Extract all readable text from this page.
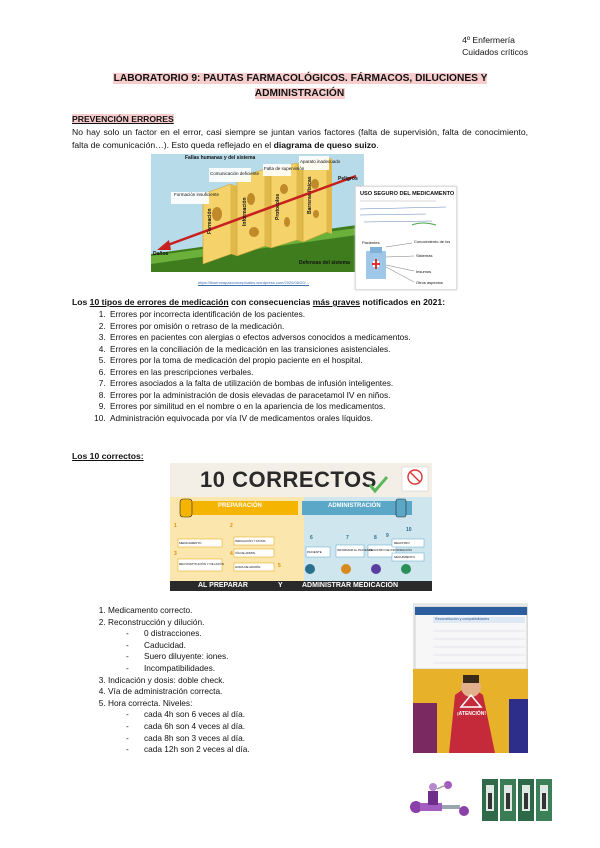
4º Enfermería
Cuidados críticos
LABORATORIO 9: PAUTAS FARMACOLÓGICOS. FÁRMACOS, DILUCIONES Y ADMINISTRACIÓN
PREVENCIÓN ERRORES
No hay solo un factor en el error, casi siempre se juntan varios factores (falta de supervisión, falta de conocimiento, falta de comunicación…). Esto queda reflejado en el diagrama de queso suizo.
Formación insuficiente
Fallas humanas y del sistema
Comunicación deficiente
Falta de supervisión
Aparato inadecuado
Peligros
Formación	Información	Protocolos	Barreras físicas
Daños
Defensas del sistema
USO SEGURO DEL MEDICAMENTO
Pacientes	Conocimiento de los
Sistemas
Insumos
Otros aspectos
https://ibsenmapasconceptuales.wordpress.com/2020/06/20/...
Los 10 tipos de errores de medicación con consecuencias más graves notificados en 2021:
1. Errores por incorrecta identificación de los pacientes.
2. Errores por omisión o retraso de la medicación.
3. Errores en pacientes con alergias o efectos adversos conocidos a medicamentos.
4. Errores en la conciliación de la medicación en las transiciones asistenciales.
5. Errores por la toma de medicación del propio paciente en el hospital.
6. Errores en las prescripciones verbales.
7. Errores asociados a la falta de utilización de bombas de infusión inteligentes.
8. Errores por la administración de dosis elevadas de paracetamol IV en niños.
9. Errores por similitud en el nombre o en la apariencia de los medicamentos.
10. Administración equivocada por vía IV de medicamentos orales líquidos.
Los 10 correctos:
10 CORRECTOS
PREPARACIÓN	ADMINISTRACIÓN
1	2
3	4
5
6	7	8 9
10
MEDICAMENTO	INDICACIÓN Y DOSIS
RECONSTITUCIÓN Y DILUCIÓN
VÍA DE ADMIN.
HORA DE ADMÓN.
PACIENTE	INFORMAR AL PACIENTE
REGISTRO DE INFORMACIÓN
REGISTRO
SEGUIMIENTO
AL PREPARAR	Y	ADMINISTRAR MEDICACIÓN
1. Medicamento correcto.
2. Reconstrucción y dilución.
- 0 distracciones.
- Caducidad.
- Suero diluyente: iones.
- Incompatibilidades.
3. Indicación y dosis: doble check.
4. Vía de administración correcta.
5. Hora correcta. Niveles:
- cada 4h son 6 veces al día.
- cada 6h son 4 veces al día.
- cada 8h son 3 veces al día.
- cada 12h son 2 veces al día.
Reconstitución y compatibilidades
¡ATENCIÓN!
